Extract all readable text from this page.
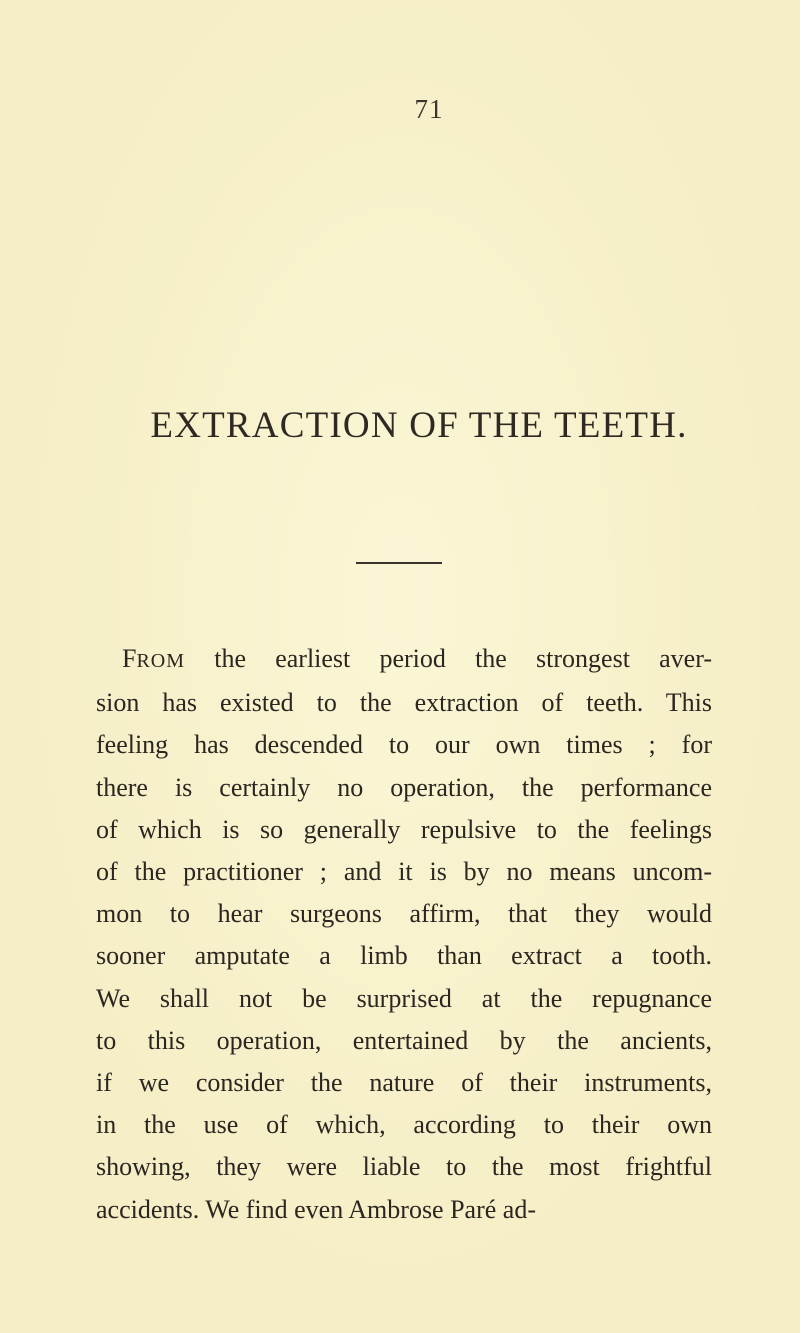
71
EXTRACTION OF THE TEETH.
FROM the earliest period the strongest aver-
sion has existed to the extraction of teeth. This
feeling has descended to our own times ; for
there is certainly no operation, the performance
of which is so generally repulsive to the feelings
of the practitioner ; and it is by no means uncom-
mon to hear surgeons affirm, that they would
sooner amputate a limb than extract a tooth.
We shall not be surprised at the repugnance
to this operation, entertained by the ancients,
if we consider the nature of their instruments,
in the use of which, according to their own
showing, they were liable to the most frightful
accidents. We find even Ambrose Paré ad-
